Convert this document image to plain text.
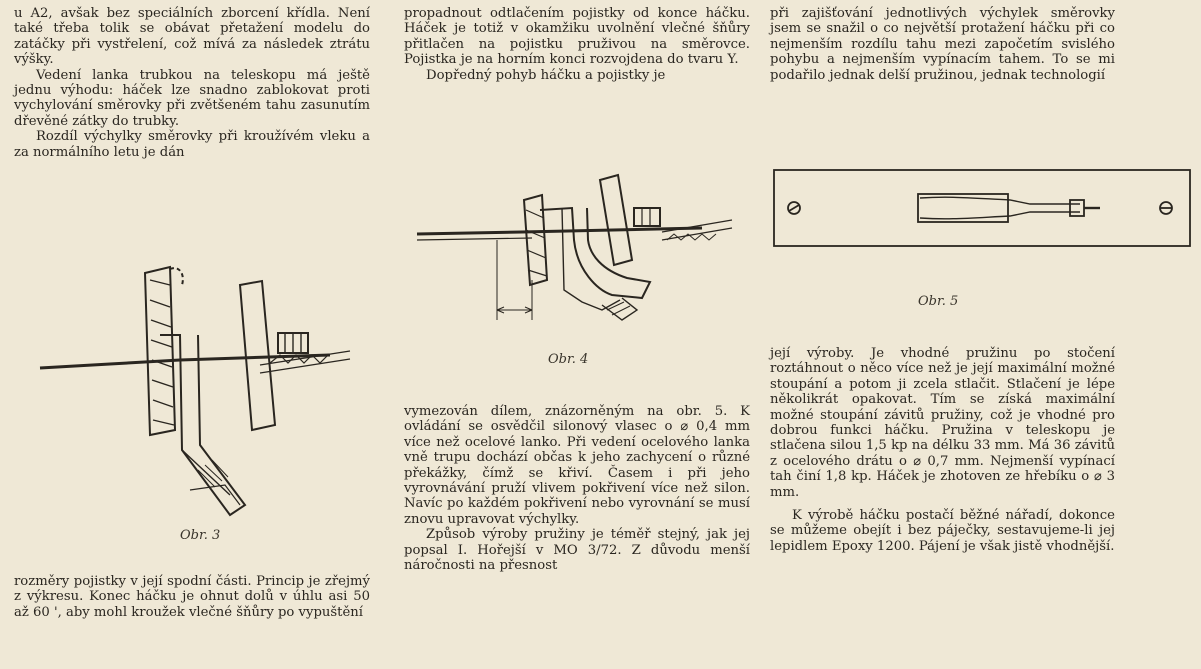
u A2, avšak bez speciálních zborcení křídla. Není také třeba tolik se obávat přetažení modelu do zatáčky při vystřelení, což mívá za následek ztrátu výšky.

Vedení lanka trubkou na teleskopu má ještě jednu výhodu: háček lze snadno zablokovat proti vychylování směrovky při zvětšeném tahu zasunutím dřevěné zátky do trubky.

Rozdíl výchylky směrovky při kroužívém vleku a za normálního letu je dán

Obr. 3

rozměry pojistky v její spodní části. Princip je zřejmý z výkresu. Konec háčku je ohnut dolů v úhlu asi 50 až 60 ', aby mohl kroužek vlečné šňůry po vypuštění

propadnout odtlačením pojistky od konce háčku. Háček je totiž v okamžiku uvolnění vlečné šňůry přitlačen na pojistku pruživou na směrovce. Pojistka je na horním konci rozvojdena do tvaru Y.

Dopředný pohyb háčku a pojistky je

Obr. 4

vymezován dílem, znázorněným na obr. 5. K ovládání se osvědčil silonový vlasec o ⌀ 0,4 mm více než ocelové lanko. Při vedení ocelového lanka vně trupu dochází občas k jeho zachycení o různé překážky, čímž se křiví. Časem i při jeho vyrovnávání pruží vlivem pokřivení více než silon. Navíc po každém pokřivení nebo vyrovnání se musí znovu upravovat výchylky.

Způsob výroby pružiny je téměř stejný, jak jej popsal I. Hořejší v MO 3/72. Z důvodu menší náročnosti na přesnost

při zajišťování jednotlivých výchylek směrovky jsem se snažil o co největší protažení háčku při co nejmenším rozdílu tahu mezi započetím svislého pohybu a nejmenším vypínacím tahem. To se mi podařilo jednak delší pružinou, jednak technologií

Obr. 5

její výroby. Je vhodné pružinu po stočení roztáhnout o něco více než je její maximální možné stoupání a potom ji zcela stlačit. Stlačení je lépe několikrát opakovat. Tím se získá maximální možné stoupání závitů pružiny, což je vhodné pro dobrou funkci háčku. Pružina v teleskopu je stlačena silou 1,5 kp na délku 33 mm. Má 36 závitů z ocelového drátu o ⌀ 0,7 mm. Nejmenší vypínací tah činí 1,8 kp. Háček je zhotoven ze hřebíku o ⌀ 3 mm.

K výrobě háčku postačí běžné nářadí, dokonce se můžeme obejít i bez páječky, sestavujeme-li jej lepidlem Epoxy 1200. Pájení je však jistě vhodnější.
